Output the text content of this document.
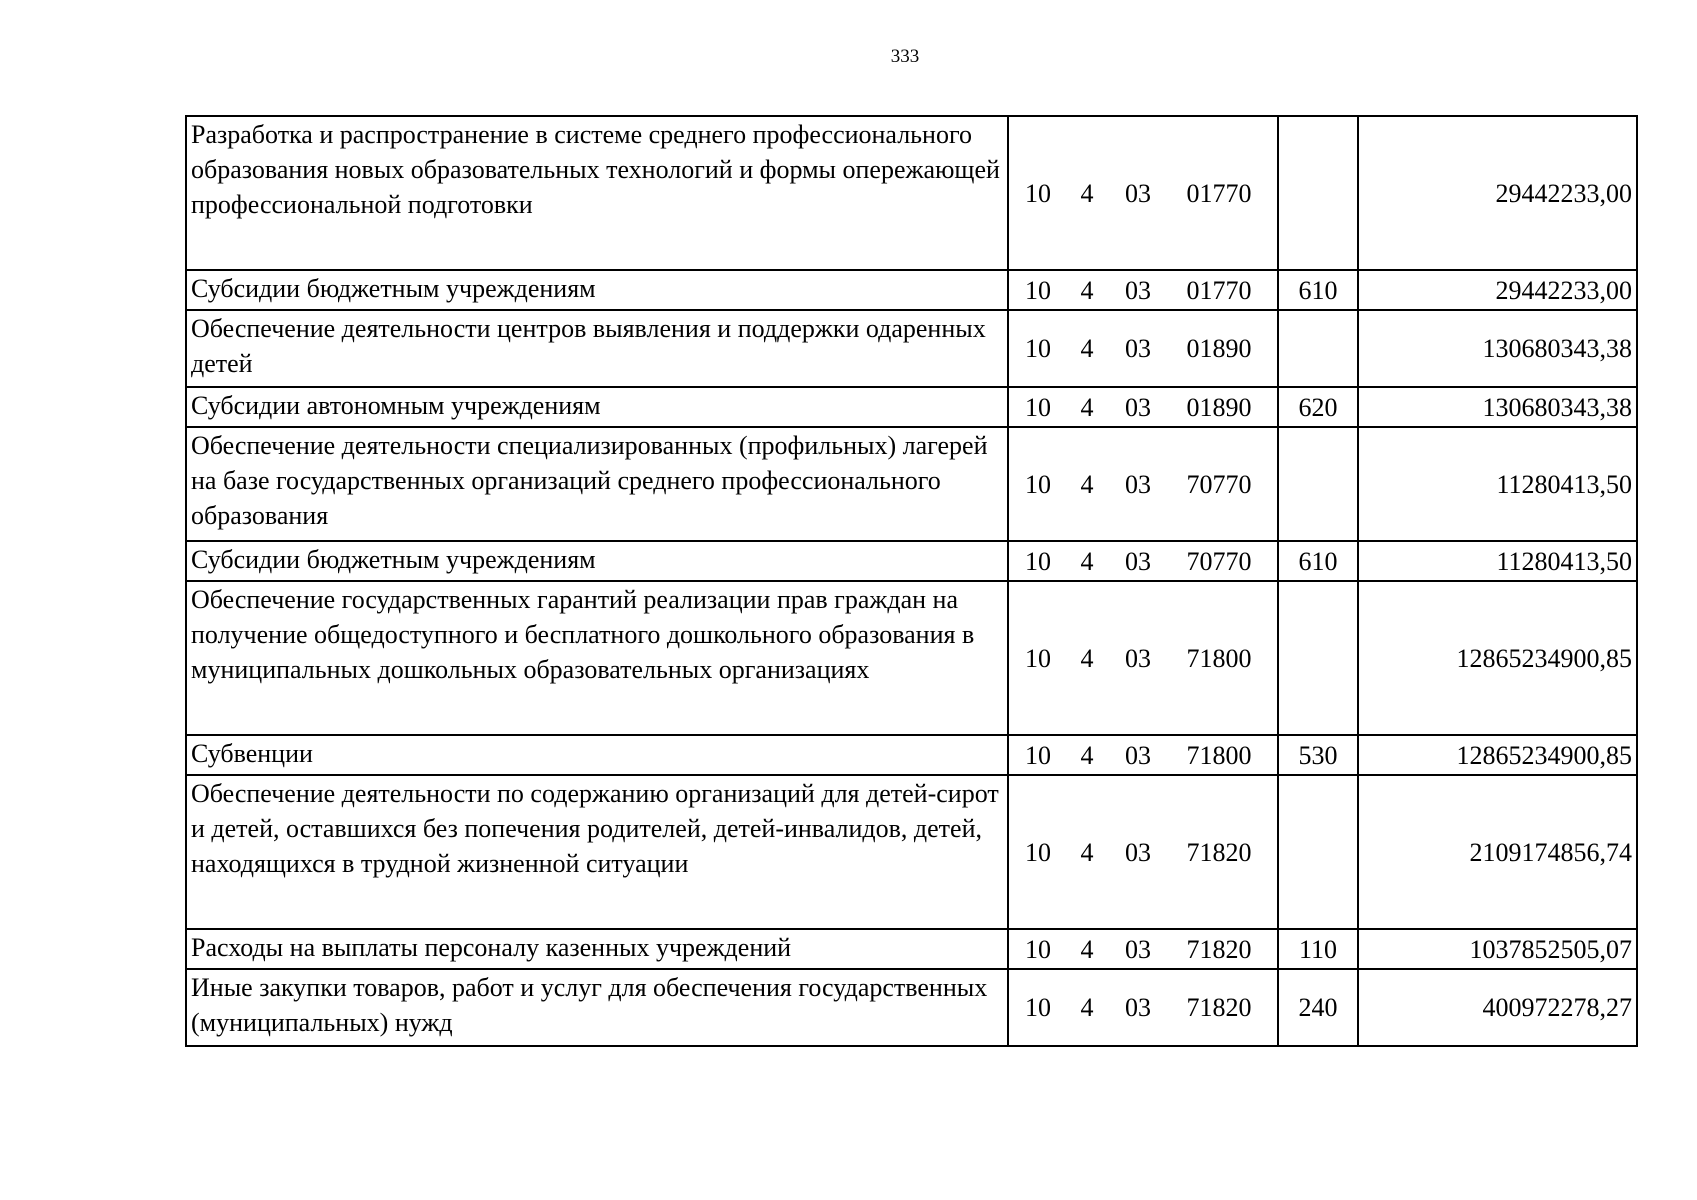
333
Разработка и распространение в системе среднего профессионального образования новых образовательных технологий и формы опережающей профессиональной подготовки	10 4 03 01770		29442233,00
Субсидии бюджетным учреждениям	10 4 03 01770	610	29442233,00
Обеспечение деятельности центров выявления и поддержки одаренных детей	10 4 03 01890		130680343,38
Субсидии автономным учреждениям	10 4 03 01890	620	130680343,38
Обеспечение деятельности специализированных (профильных) лагерей на базе государственных организаций среднего профессионального образования	10 4 03 70770		11280413,50
Субсидии бюджетным учреждениям	10 4 03 70770	610	11280413,50
Обеспечение государственных гарантий реализации прав граждан на получение общедоступного и бесплатного дошкольного образования в муниципальных дошкольных образовательных организациях	10 4 03 71800		12865234900,85
Субвенции	10 4 03 71800	530	12865234900,85
Обеспечение деятельности по содержанию организаций для детей-сирот и детей, оставшихся без попечения родителей, детей-инвалидов, детей, находящихся в трудной жизненной ситуации	10 4 03 71820		2109174856,74
Расходы на выплаты персоналу казенных учреждений	10 4 03 71820	110	1037852505,07
Иные закупки товаров, работ и услуг для обеспечения государственных (муниципальных) нужд	10 4 03 71820	240	400972278,27
